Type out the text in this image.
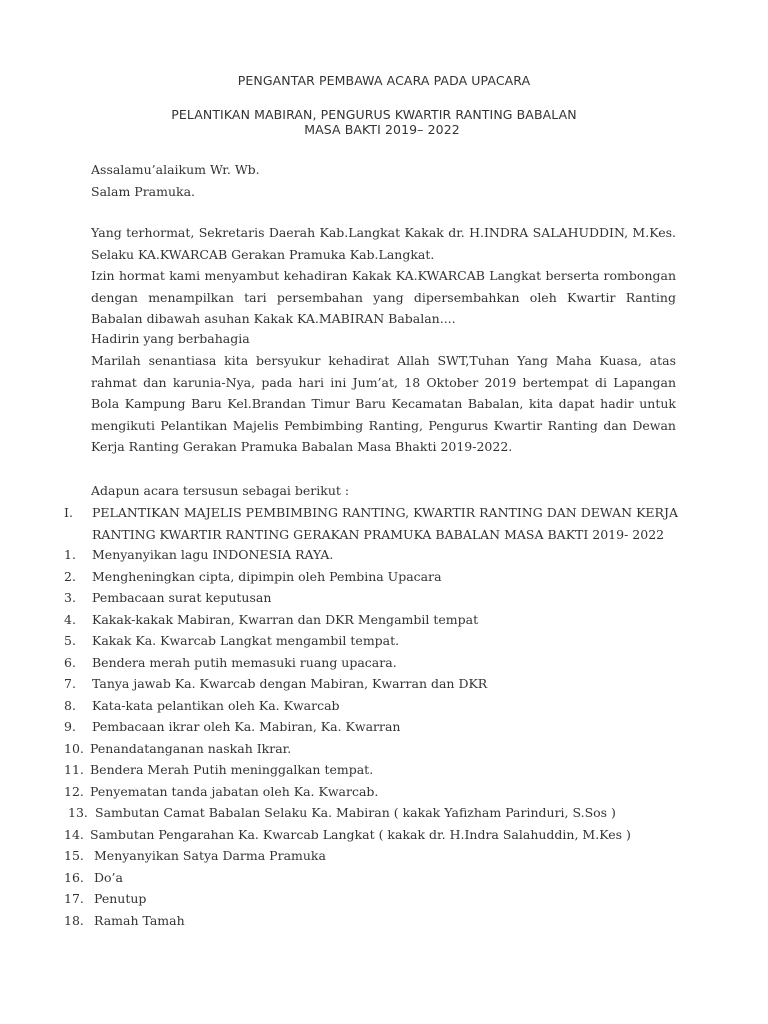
PENGANTAR PEMBAWA ACARA PADA UPACARA
PELANTIKAN MABIRAN, PENGURUS KWARTIR RANTING BABALAN
MASA BAKTI 2019– 2022
Assalamu’alaikum Wr. Wb.
Salam Pramuka.

Yang terhormat, Sekretaris Daerah Kab.Langkat Kakak dr. H.INDRA SALAHUDDIN, M.Kes. Selaku KA.KWARCAB Gerakan Pramuka Kab.Langkat.

Izin hormat kami menyambut kehadiran Kakak KA.KWARCAB Langkat berserta rombongan dengan menampilkan tari persembahan yang dipersembahkan oleh Kwartir Ranting Babalan dibawah asuhan Kakak KA.MABIRAN Babalan....

Hadirin yang berbahagia

Marilah senantiasa kita bersyukur kehadirat Allah SWT,Tuhan Yang Maha Kuasa, atas rahmat dan karunia-Nya, pada hari ini Jum’at, 18 Oktober 2019 bertempat di Lapangan Bola Kampung Baru Kel.Brandan Timur Baru Kecamatan Babalan, kita dapat hadir untuk mengikuti Pelantikan Majelis Pembimbing Ranting, Pengurus Kwartir Ranting dan Dewan Kerja Ranting Gerakan Pramuka Babalan Masa Bhakti 2019-2022.

Adapun acara tersusun sebagai berikut :
I. PELANTIKAN MAJELIS PEMBIMBING RANTING, KWARTIR RANTING DAN DEWAN KERJA
RANTING KWARTIR RANTING GERAKAN PRAMUKA BABALAN MASA BAKTI 2019- 2022
1. Menyanyikan lagu INDONESIA RAYA.
2. Mengheningkan cipta, dipimpin oleh Pembina Upacara
3. Pembacaan surat keputusan
4. Kakak-kakak Mabiran, Kwarran dan DKR Mengambil tempat
5. Kakak Ka. Kwarcab Langkat mengambil tempat.
6. Bendera merah putih memasuki ruang upacara.
7. Tanya jawab Ka. Kwarcab dengan Mabiran, Kwarran dan DKR
8. Kata-kata pelantikan oleh Ka. Kwarcab
9. Pembacaan ikrar oleh Ka. Mabiran, Ka. Kwarran
10. Penandatanganan naskah Ikrar.
11. Bendera Merah Putih meninggalkan tempat.
12. Penyematan tanda jabatan oleh Ka. Kwarcab.
13. Sambutan Camat Babalan Selaku Ka. Mabiran ( kakak Yafizham Parinduri, S.Sos )
14. Sambutan Pengarahan Ka. Kwarcab Langkat ( kakak dr. H.Indra Salahuddin, M.Kes )
15. Menyanyikan Satya Darma Pramuka
16. Do’a
17. Penutup
18. Ramah Tamah
